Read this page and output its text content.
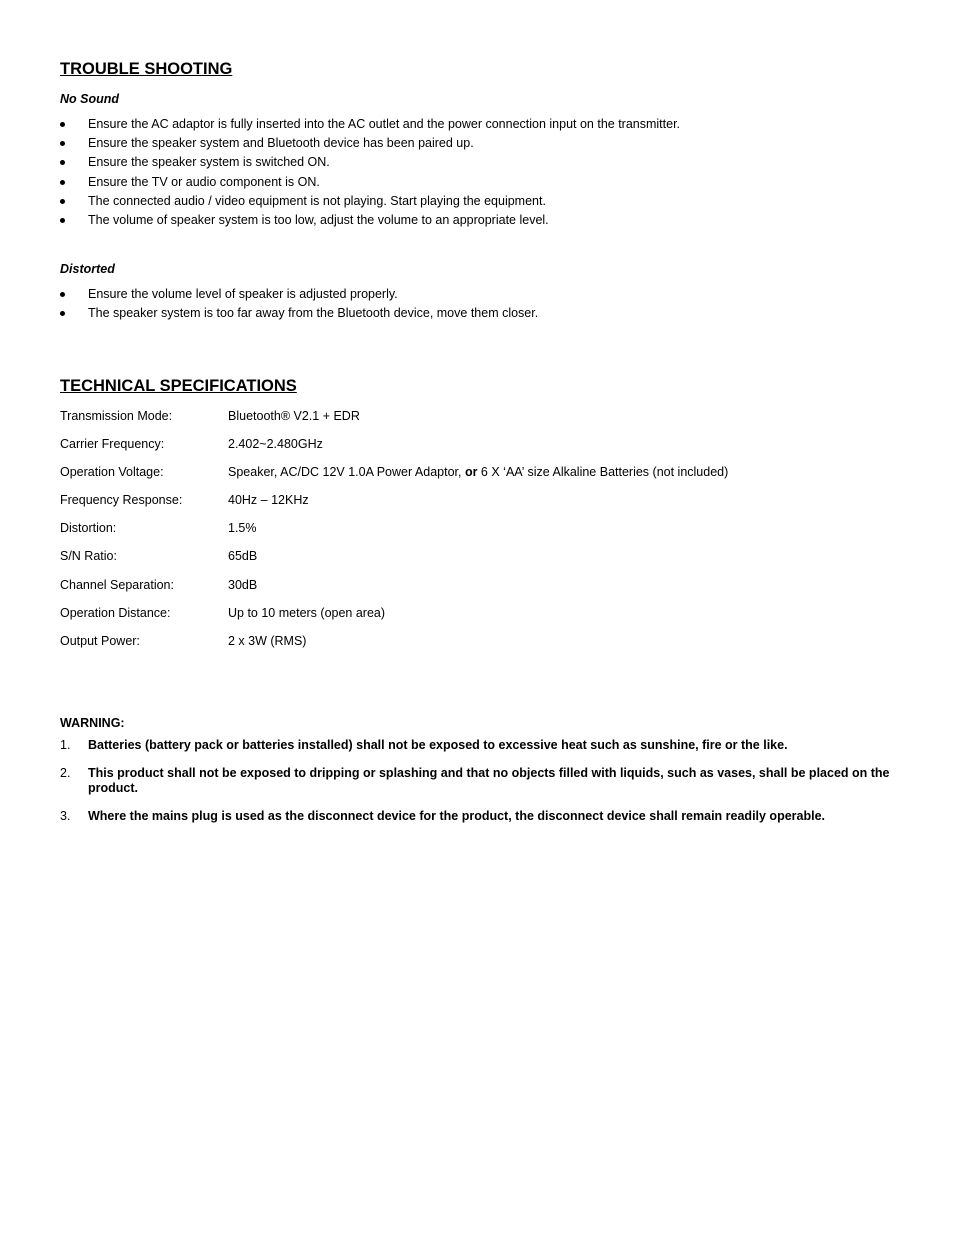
TROUBLE SHOOTING
No Sound
Ensure the AC adaptor is fully inserted into the AC outlet and the power connection input on the transmitter.
Ensure the speaker system and Bluetooth device has been paired up.
Ensure the speaker system is switched ON.
Ensure the TV or audio component is ON.
The connected audio / video equipment is not playing. Start playing the equipment.
The volume of speaker system is too low, adjust the volume to an appropriate level.
Distorted
Ensure the volume level of speaker is adjusted properly.
The speaker system is too far away from the Bluetooth device, move them closer.
TECHNICAL SPECIFICATIONS
Transmission Mode:	Bluetooth® V2.1 + EDR
Carrier Frequency:	2.402~2.480GHz
Operation Voltage:	Speaker, AC/DC 12V 1.0A Power Adaptor, or 6 X ‘AA’ size Alkaline Batteries (not included)
Frequency Response:	40Hz – 12KHz
Distortion:	1.5%
S/N Ratio:	65dB
Channel Separation:	30dB
Operation Distance:	Up to 10 meters (open area)
Output Power:	2 x 3W (RMS)
WARNING:
1. Batteries (battery pack or batteries installed) shall not be exposed to excessive heat such as sunshine, fire or the like.
2. This product shall not be exposed to dripping or splashing and that no objects filled with liquids, such as vases, shall be placed on the product.
3. Where the mains plug is used as the disconnect device for the product, the disconnect device shall remain readily operable.
